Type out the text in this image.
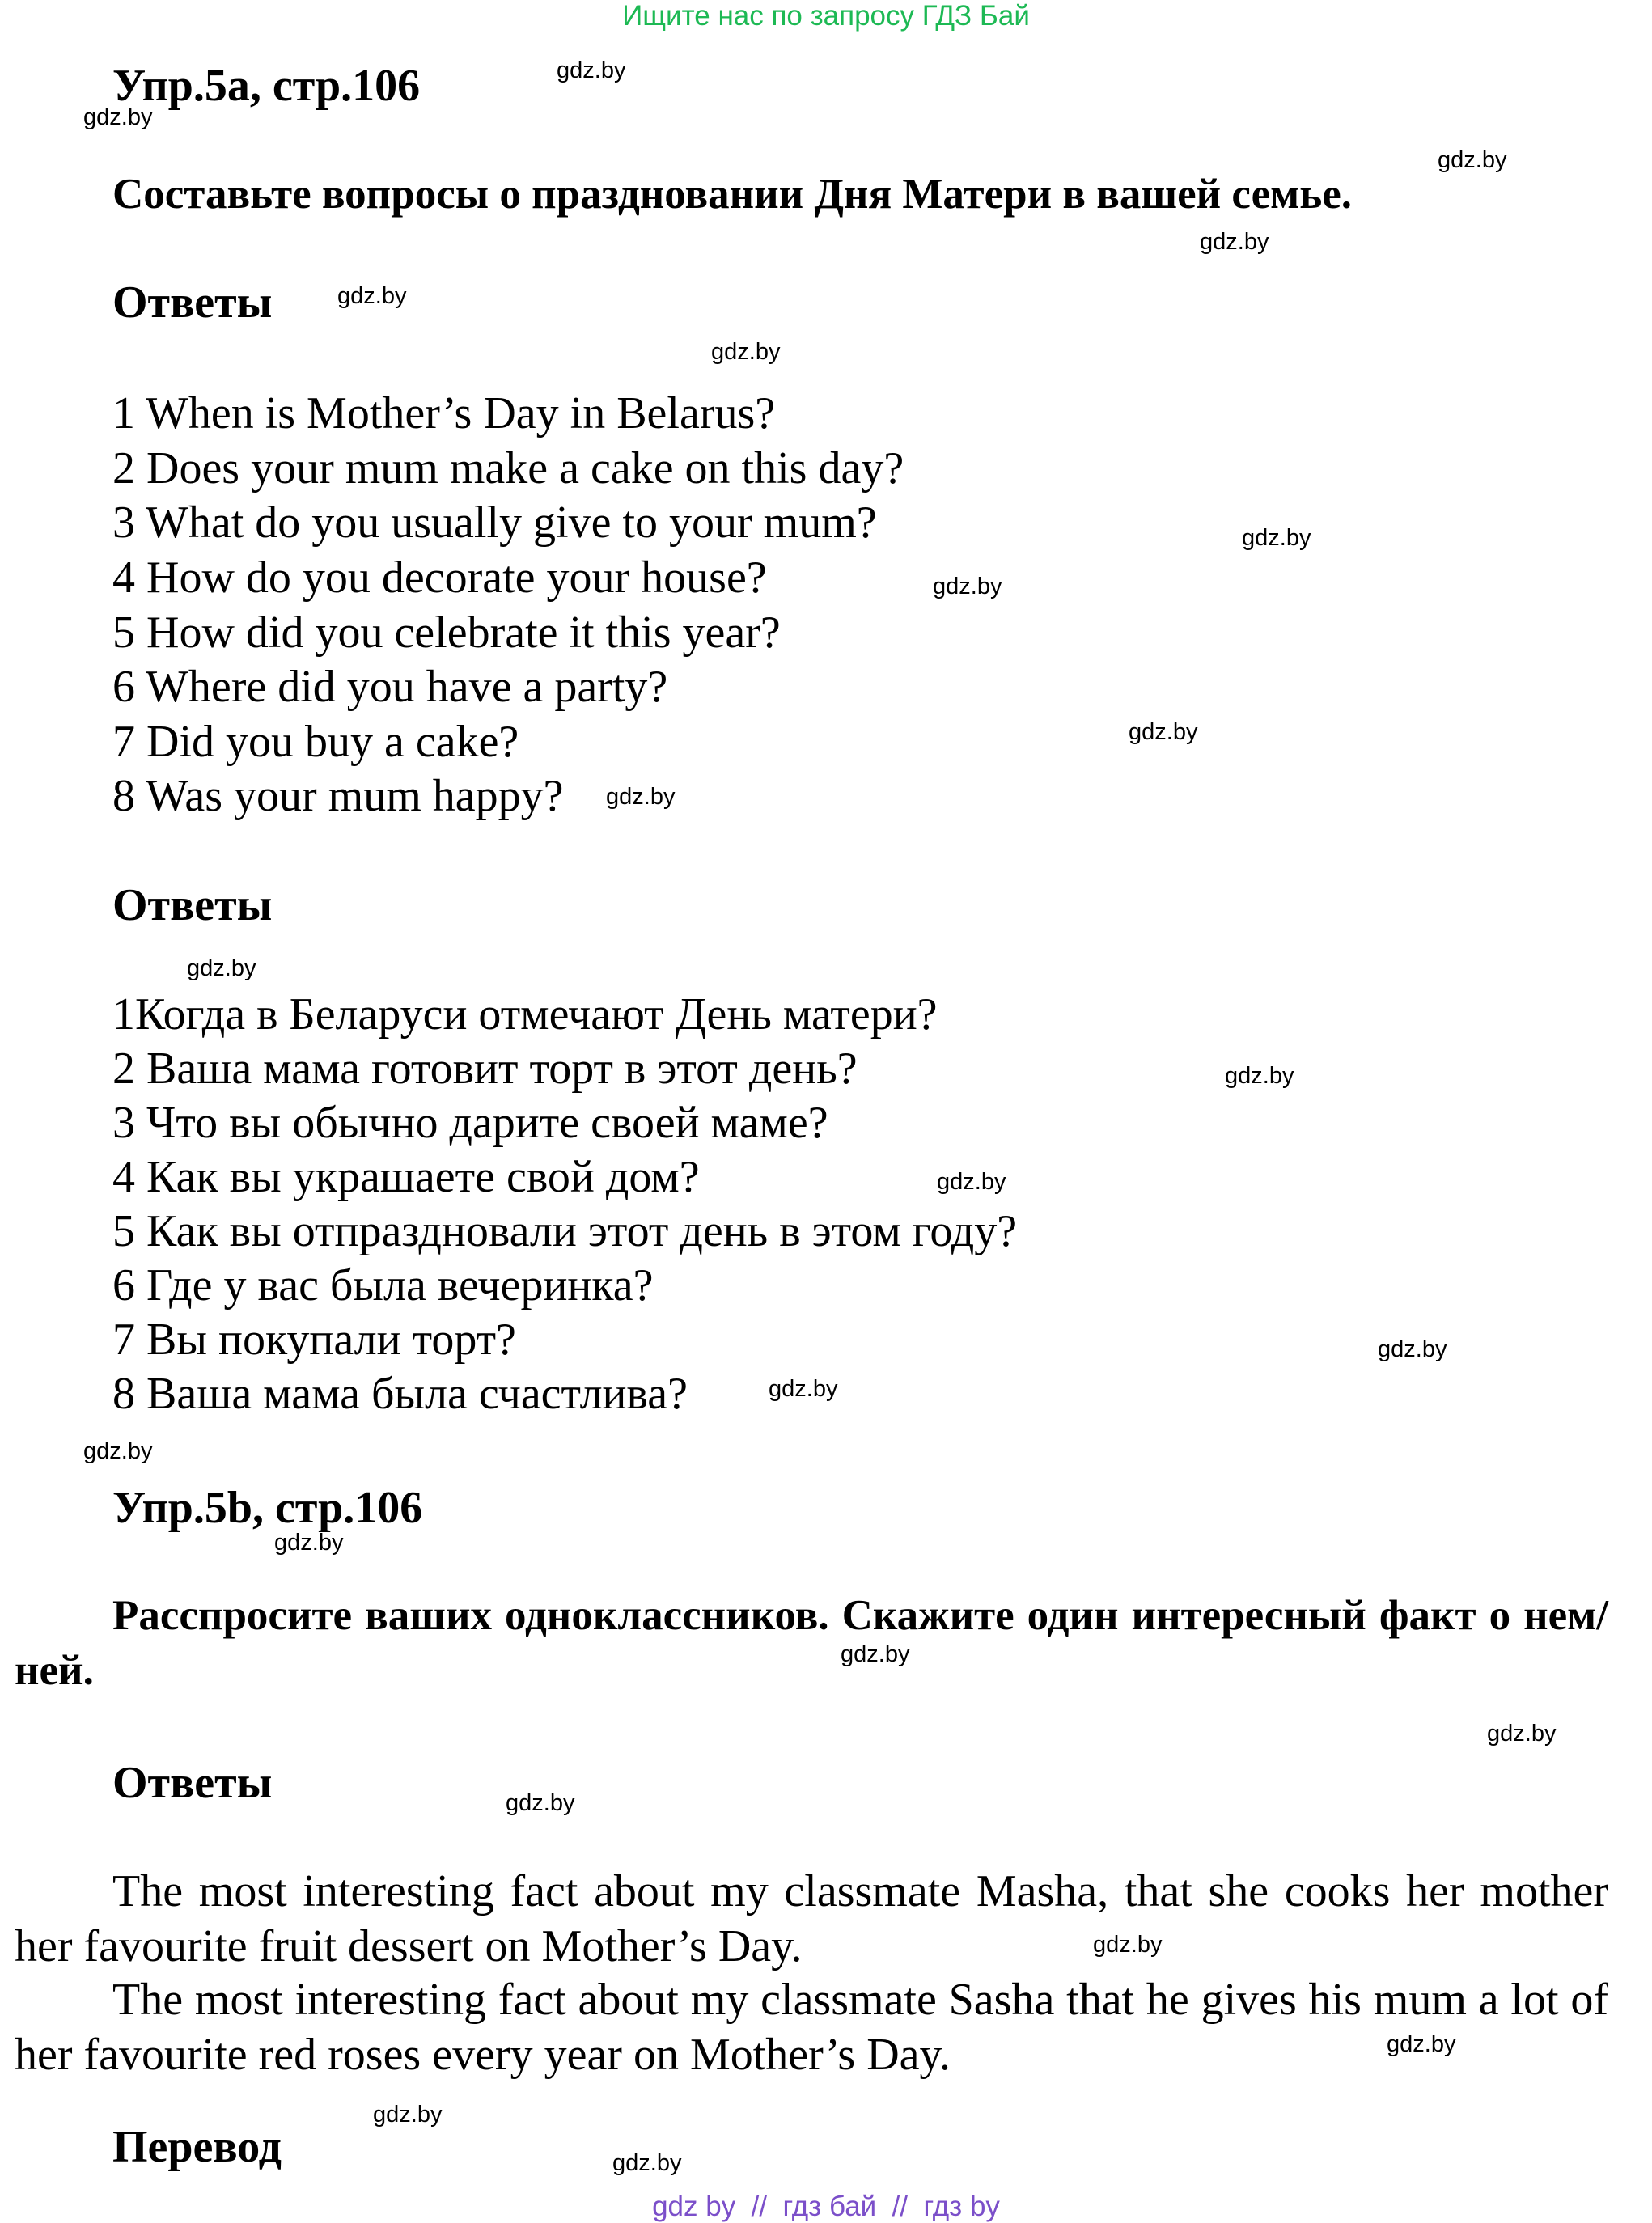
Ищите нас по запросу ГДЗ Бай
Упр.5а, стр.106
Составьте вопросы о праздновании Дня Матери в вашей семье.
Ответы
1 When is Mother’s Day in Belarus?
2 Does your mum make a cake on this day?
3 What do you usually give to your mum?
4 How do you decorate your house?
5 How did you celebrate it this year?
6 Where did you have a party?
7 Did you buy a cake?
8 Was your mum happy?
Ответы
1Когда в Беларуси отмечают День матери?
2 Ваша мама готовит торт в этот день?
3 Что вы обычно дарите своей маме?
4 Как вы украшаете свой дом?
5 Как вы отпраздновали этот день в этом году?
6 Где у вас была вечеринка?
7 Вы покупали торт?
8 Ваша мама была счастлива?
Упр.5b, стр.106
Расспросите ваших одноклассников. Скажите один интересный факт о нем/ней.
Ответы
The most interesting fact about my classmate Masha, that she cooks her mother her favourite fruit dessert on Mother’s Day.
The most interesting fact about my classmate Sasha that he gives his mum a lot of her favourite red roses every year on Mother’s Day.
Перевод
gdz.by
gdz.by
gdz.by
gdz.by
gdz.by
gdz.by
gdz.by
gdz.by
gdz.by
gdz.by
gdz.by
gdz.by
gdz.by
gdz.by
gdz.by
gdz.by
gdz.by
gdz.by
gdz.by
gdz.by
gdz.by
gdz.by
gdz.by
gdz.by
gdz by  //  гдз бай  //  гдз by
